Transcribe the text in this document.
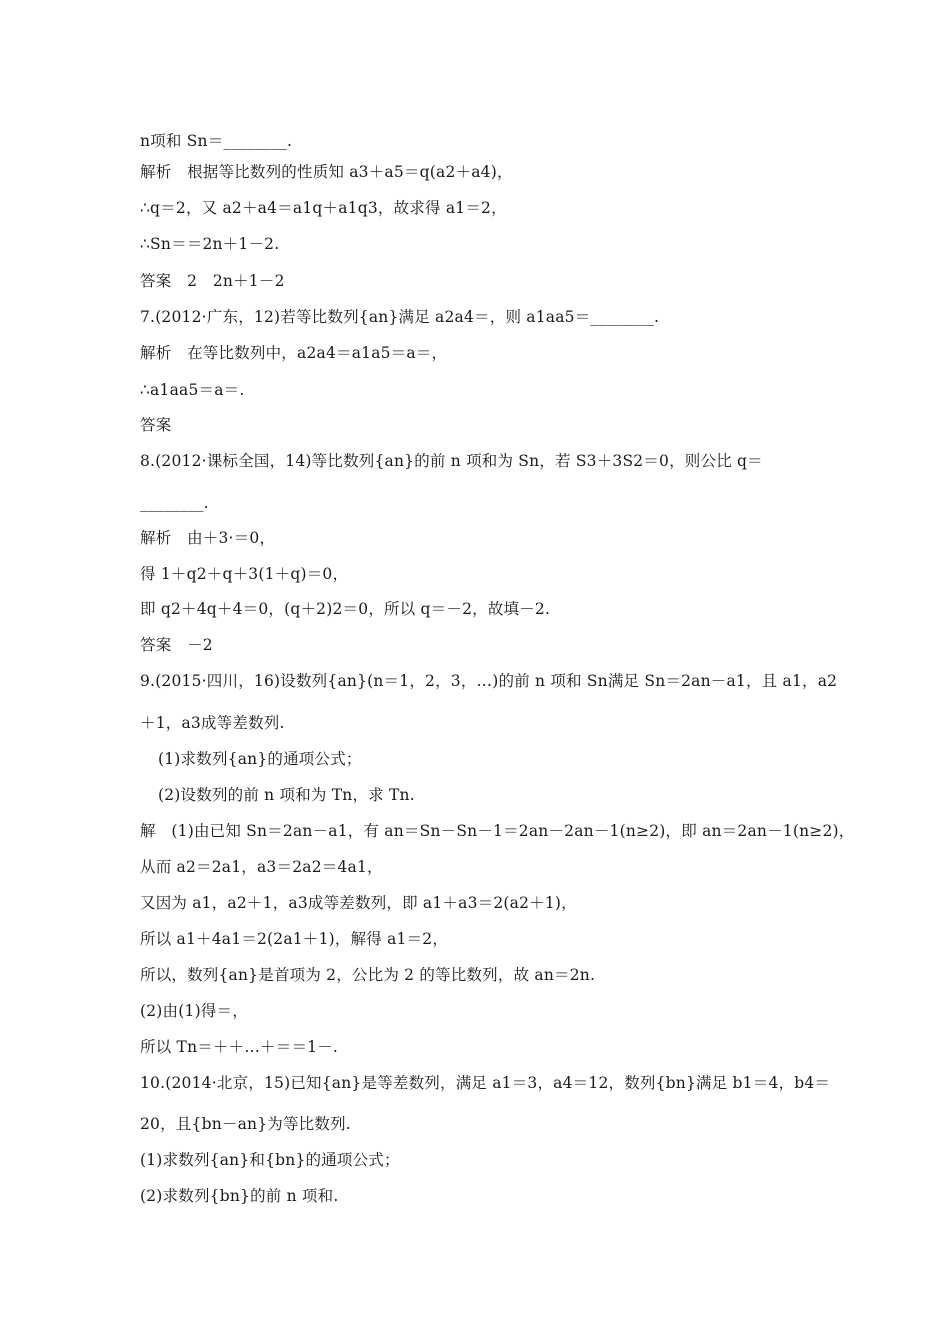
n项和 Sn＝________.
解析　根据等比数列的性质知 a3＋a5＝q(a2＋a4)，
∴q＝2，又 a2＋a4＝a1q＋a1q3，故求得 a1＝2，
∴Sn＝＝2n＋1－2.
答案　2　2n＋1－2
7.(2012·广东，12)若等比数列{an}满足 a2a4＝，则 a1aa5＝________.
解析　在等比数列中，a2a4＝a1a5＝a＝，
∴a1aa5＝a＝.
答案
8.(2012·课标全国，14)等比数列{an}的前 n 项和为 Sn，若 S3＋3S2＝0，则公比 q＝
________.
解析　由＋3·＝0，
得 1＋q2＋q＋3(1＋q)＝0，
即 q2＋4q＋4＝0，(q＋2)2＝0，所以 q＝－2，故填－2.
答案　－2
9.(2015·四川，16)设数列{an}(n＝1，2，3，…)的前 n 项和 Sn满足 Sn＝2an－a1，且 a1，a2
＋1，a3成等差数列.
(1)求数列{an}的通项公式；
(2)设数列的前 n 项和为 Tn，求 Tn.
解　(1)由已知 Sn＝2an－a1，有 an＝Sn－Sn－1＝2an－2an－1(n≥2)，即 an＝2an－1(n≥2)，
从而 a2＝2a1，a3＝2a2＝4a1，
又因为 a1，a2＋1，a3成等差数列，即 a1＋a3＝2(a2＋1)，
所以 a1＋4a1＝2(2a1＋1)，解得 a1＝2，
所以，数列{an}是首项为 2，公比为 2 的等比数列，故 an＝2n.
(2)由(1)得＝，
所以 Tn＝＋＋…＋＝＝1－.
10.(2014·北京，15)已知{an}是等差数列，满足 a1＝3，a4＝12，数列{bn}满足 b1＝4，b4＝
20，且{bn－an}为等比数列.
(1)求数列{an}和{bn}的通项公式；
(2)求数列{bn}的前 n 项和.
